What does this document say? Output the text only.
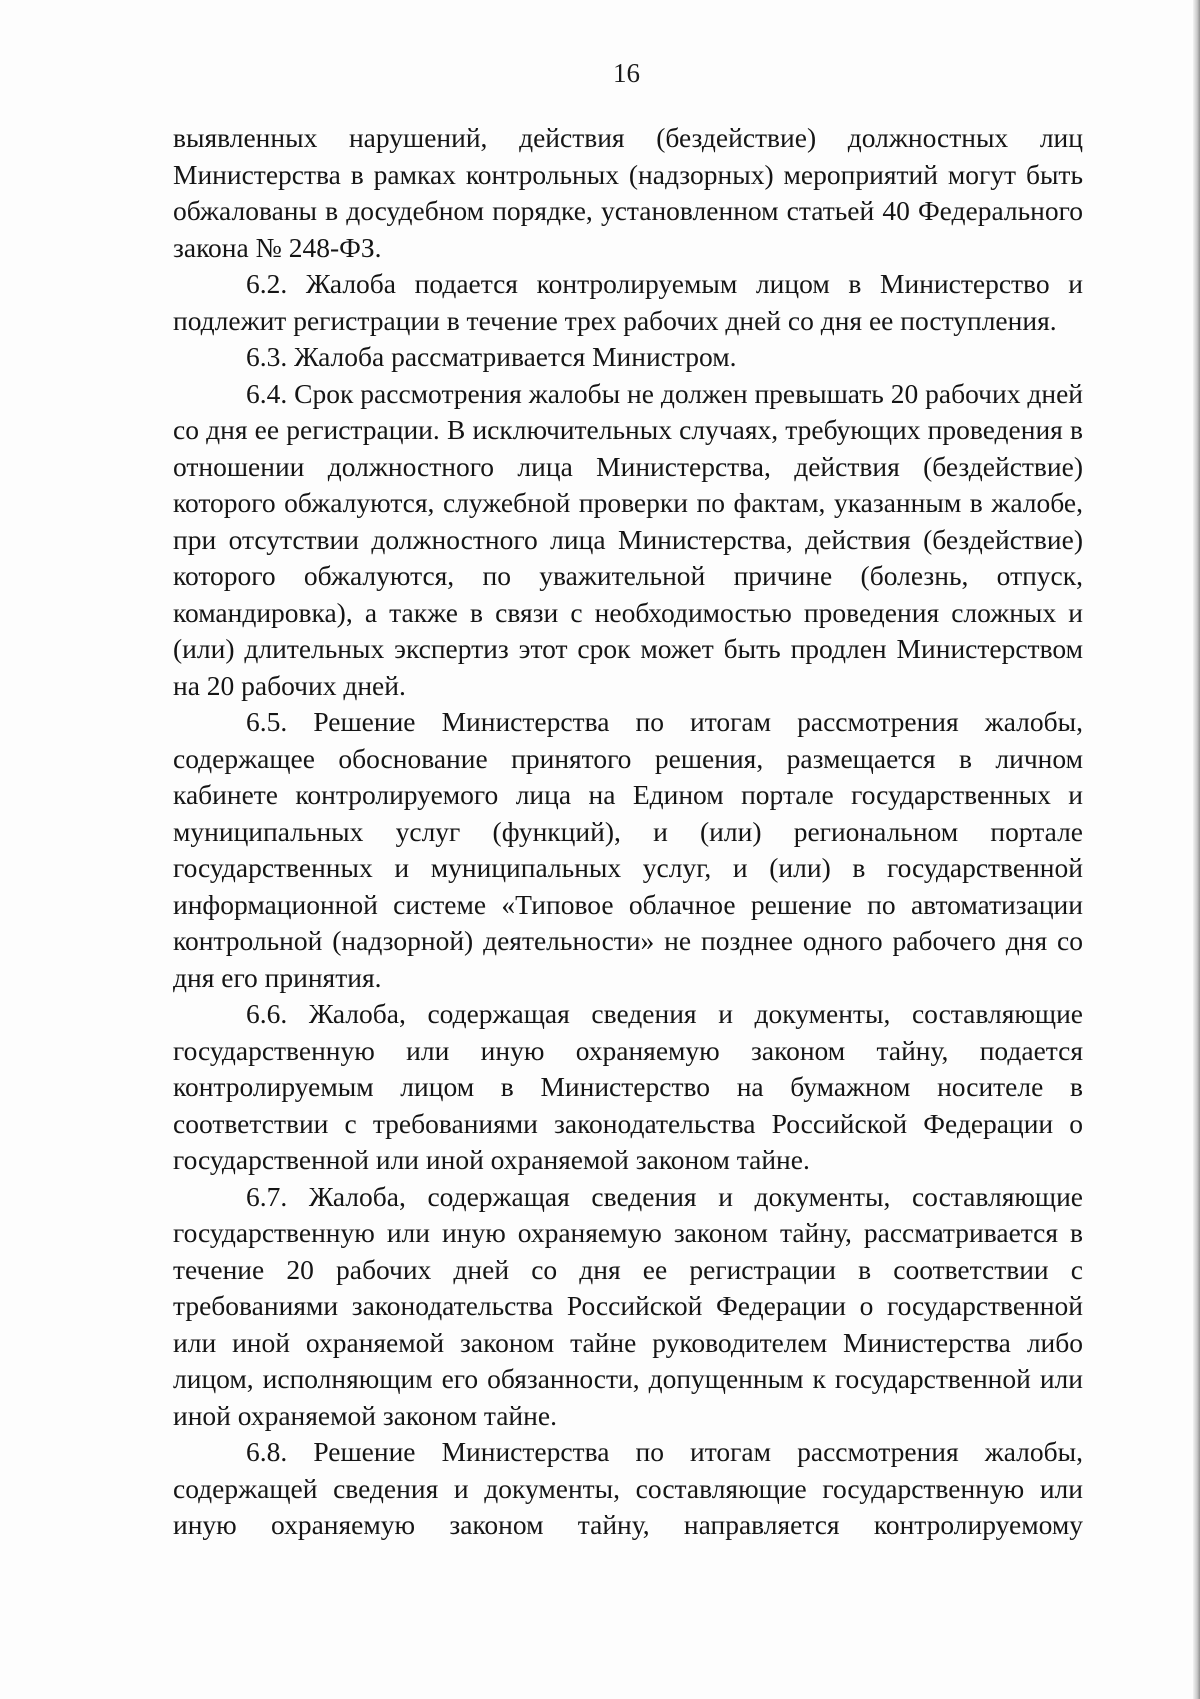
16

выявленных нарушений, действия (бездействие) должностных лиц Министерства в рамках контрольных (надзорных) мероприятий могут быть обжалованы в досудебном порядке, установленном статьей 40 Федерального закона № 248-ФЗ.

6.2. Жалоба подается контролируемым лицом в Министерство и подлежит регистрации в течение трех рабочих дней со дня ее поступления.

6.3. Жалоба рассматривается Министром.

6.4. Срок рассмотрения жалобы не должен превышать 20 рабочих дней со дня ее регистрации. В исключительных случаях, требующих проведения в отношении должностного лица Министерства, действия (бездействие) которого обжалуются, служебной проверки по фактам, указанным в жалобе, при отсутствии должностного лица Министерства, действия (бездействие) которого обжалуются, по уважительной причине (болезнь, отпуск, командировка), а также в связи с необходимостью проведения сложных и (или) длительных экспертиз этот срок может быть продлен Министерством на 20 рабочих дней.

6.5. Решение Министерства по итогам рассмотрения жалобы, содержащее обоснование принятого решения, размещается в личном кабинете контролируемого лица на Едином портале государственных и муниципальных услуг (функций), и (или) региональном портале государственных и муниципальных услуг, и (или) в государственной информационной системе «Типовое облачное решение по автоматизации контрольной (надзорной) деятельности» не позднее одного рабочего дня со дня его принятия.

6.6. Жалоба, содержащая сведения и документы, составляющие государственную или иную охраняемую законом тайну, подается контролируемым лицом в Министерство на бумажном носителе в соответствии с требованиями законодательства Российской Федерации о государственной или иной охраняемой законом тайне.

6.7. Жалоба, содержащая сведения и документы, составляющие государственную или иную охраняемую законом тайну, рассматривается в течение 20 рабочих дней со дня ее регистрации в соответствии с требованиями законодательства Российской Федерации о государственной или иной охраняемой законом тайне руководителем Министерства либо лицом, исполняющим его обязанности, допущенным к государственной или иной охраняемой законом тайне.

6.8. Решение Министерства по итогам рассмотрения жалобы, содержащей сведения и документы, составляющие государственную или иную охраняемую законом тайну, направляется контролируемому
